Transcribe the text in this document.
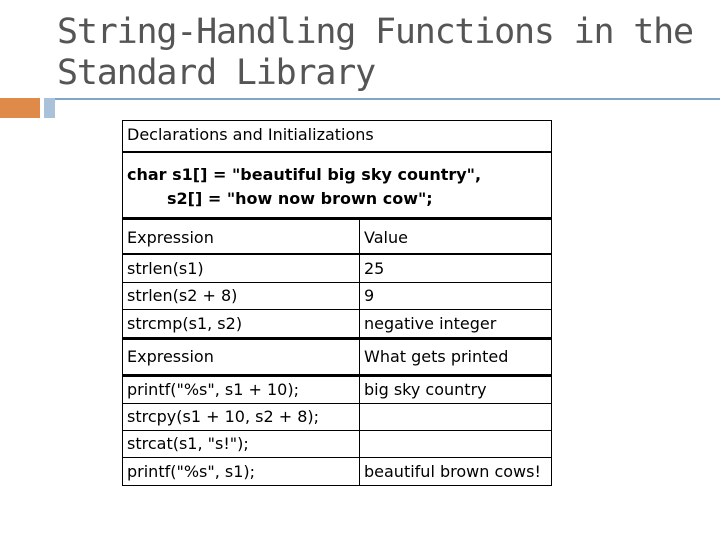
String-Handling Functions in the
Standard Library
Declarations and Initializations
char s1[] = "beautiful big sky country",
s2[] = "how now brown cow";
Expression	Value
strlen(s1)	25
strlen(s2 + 8)	9
strcmp(s1, s2)	negative integer
Expression	What gets printed
printf("%s", s1 + 10);	big sky country
strcpy(s1 + 10, s2 + 8);
strcat(s1, "s!");
printf("%s", s1);	beautiful brown cows!
